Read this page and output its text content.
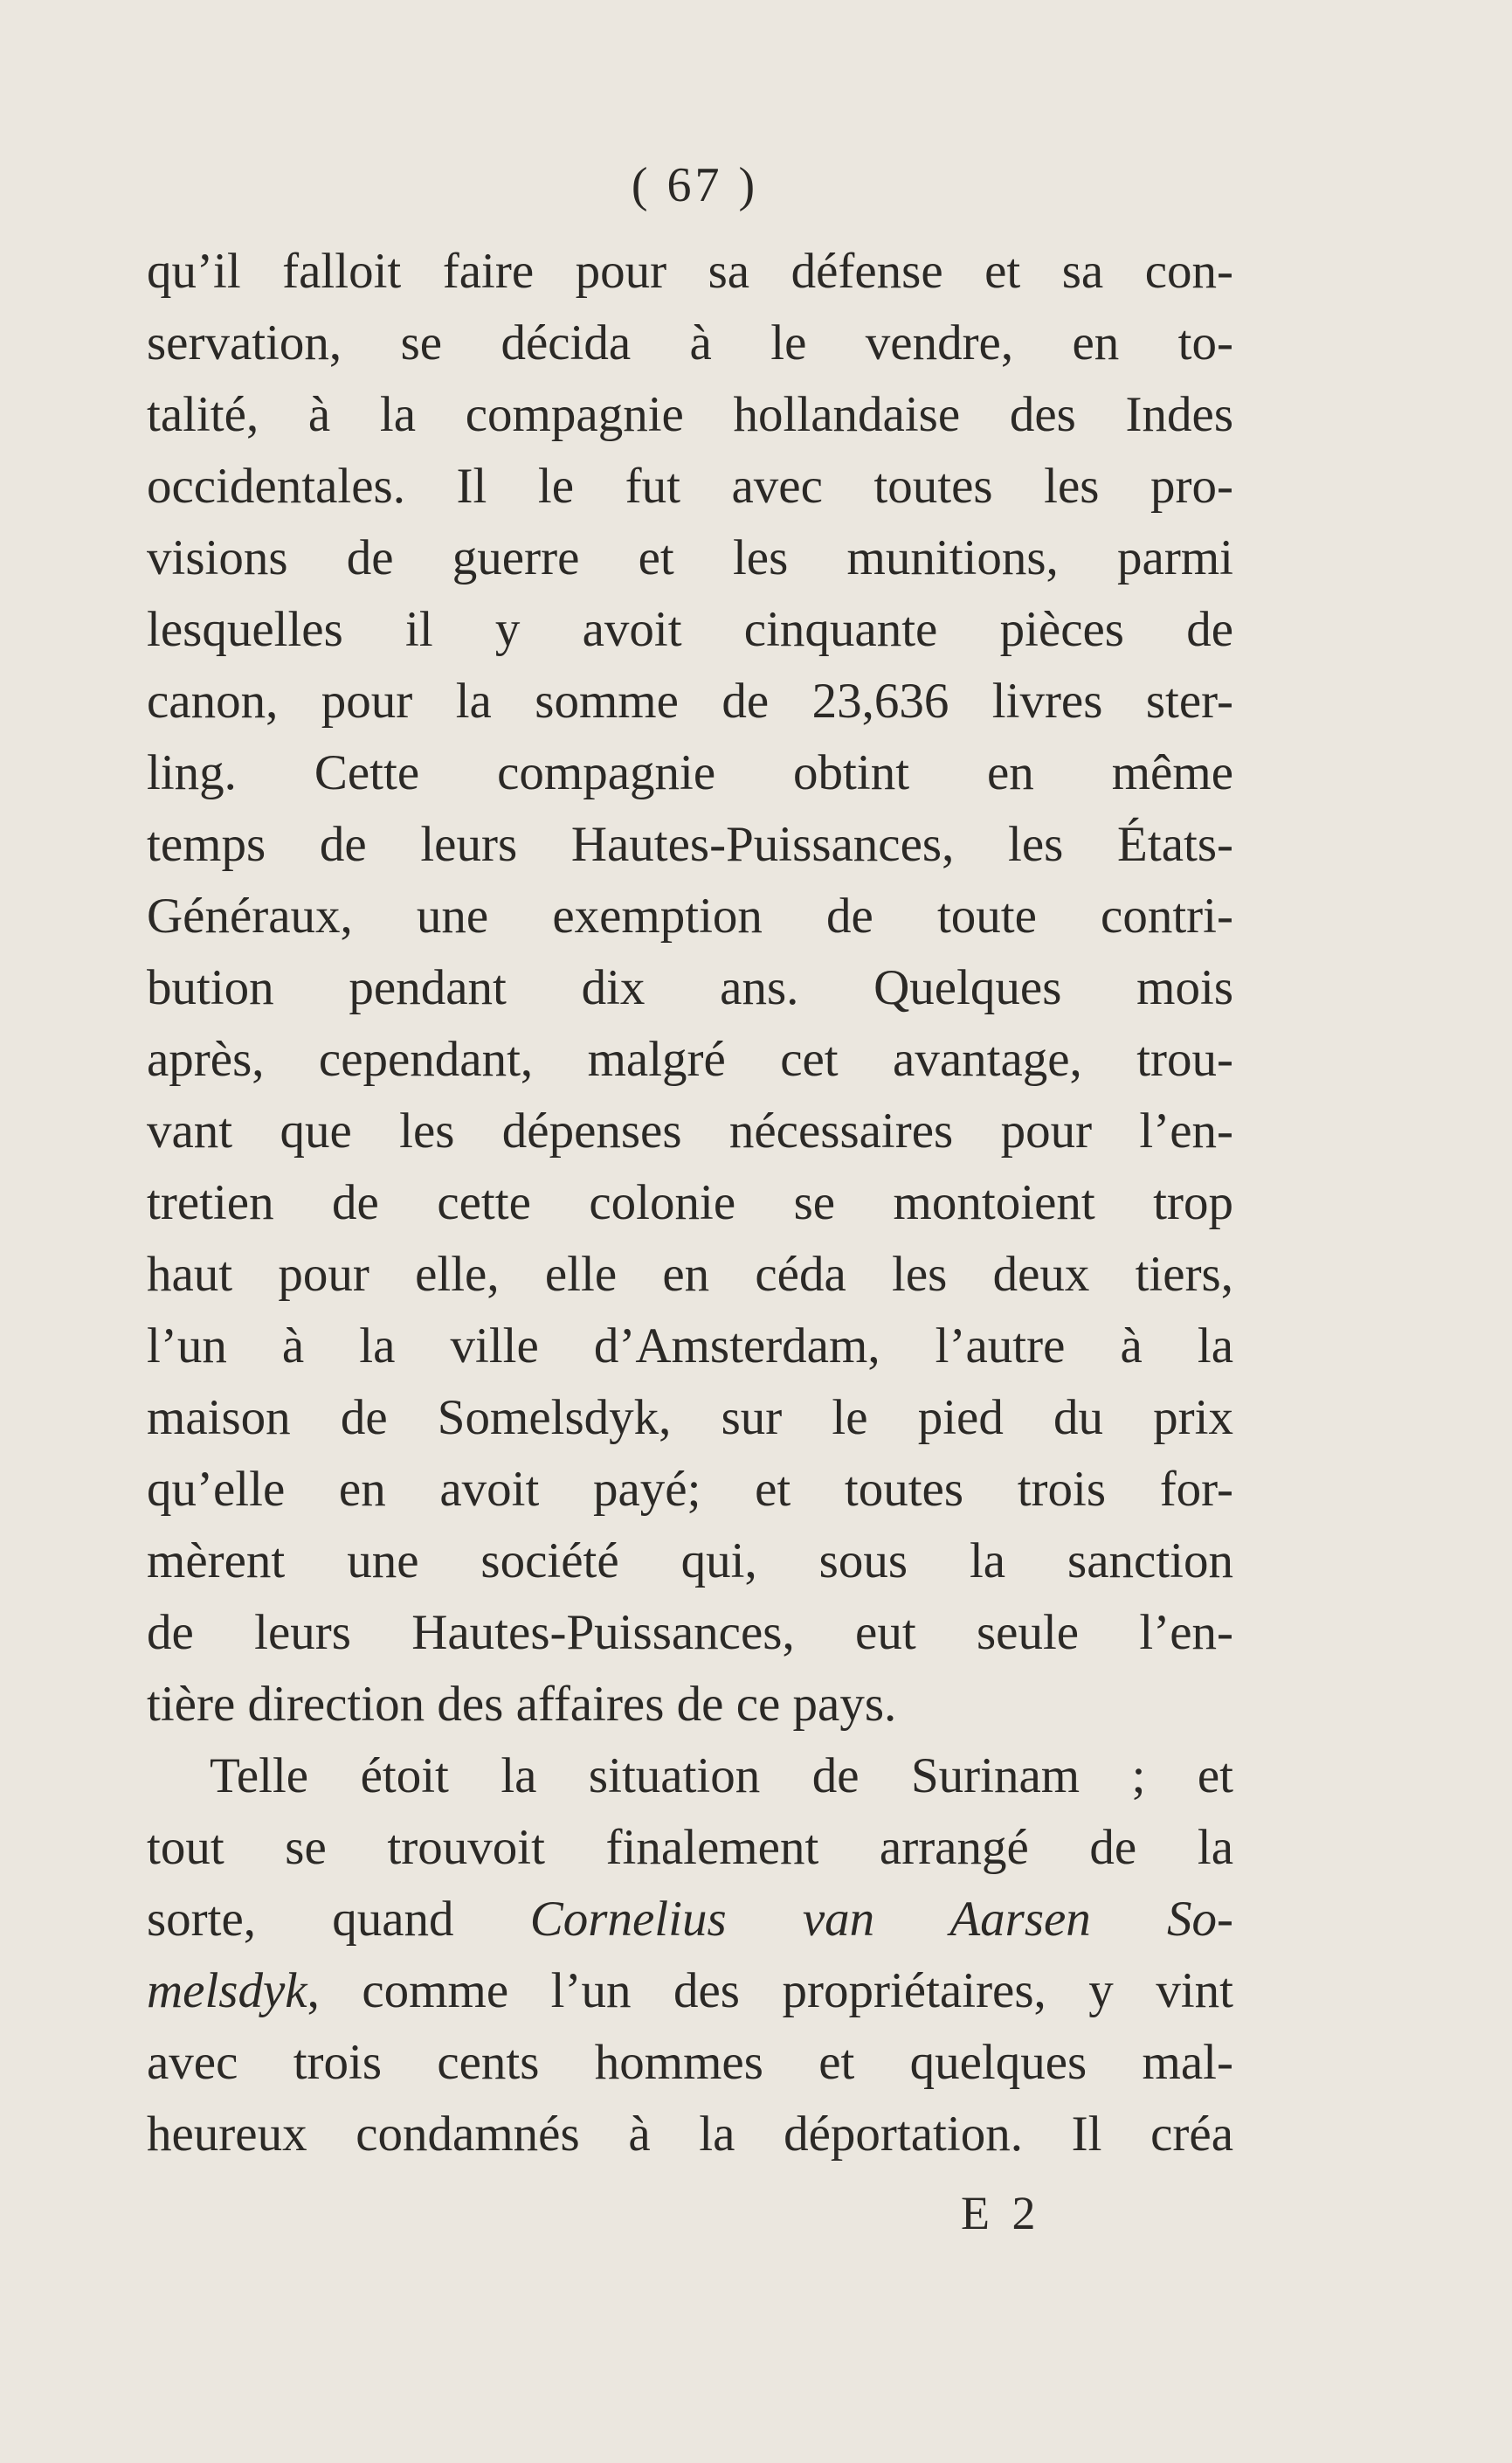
( 67 )
qu’il falloit faire pour sa défense et sa con-
servation, se décida à le vendre, en to-
talité, à la compagnie hollandaise des Indes
occidentales. Il le fut avec toutes les pro-
visions de guerre et les munitions, parmi
lesquelles il y avoit cinquante pièces de
canon, pour la somme de 23,636 livres ster-
ling. Cette compagnie obtint en même
temps de leurs Hautes-Puissances, les États-
Généraux, une exemption de toute contri-
bution pendant dix ans. Quelques mois
après, cependant, malgré cet avantage, trou-
vant que les dépenses nécessaires pour l’en-
tretien de cette colonie se montoient trop
haut pour elle, elle en céda les deux tiers,
l’un à la ville d’Amsterdam, l’autre à la
maison de Somelsdyk, sur le pied du prix
qu’elle en avoit payé; et toutes trois for-
mèrent une société qui, sous la sanction
de leurs Hautes-Puissances, eut seule l’en-
tière direction des affaires de ce pays.
Telle étoit la situation de Surinam ; et
tout se trouvoit finalement arrangé de la
sorte, quand Cornelius van Aarsen So-
melsdyk, comme l’un des propriétaires, y vint
avec trois cents hommes et quelques mal-
heureux condamnés à la déportation. Il créa
E 2
